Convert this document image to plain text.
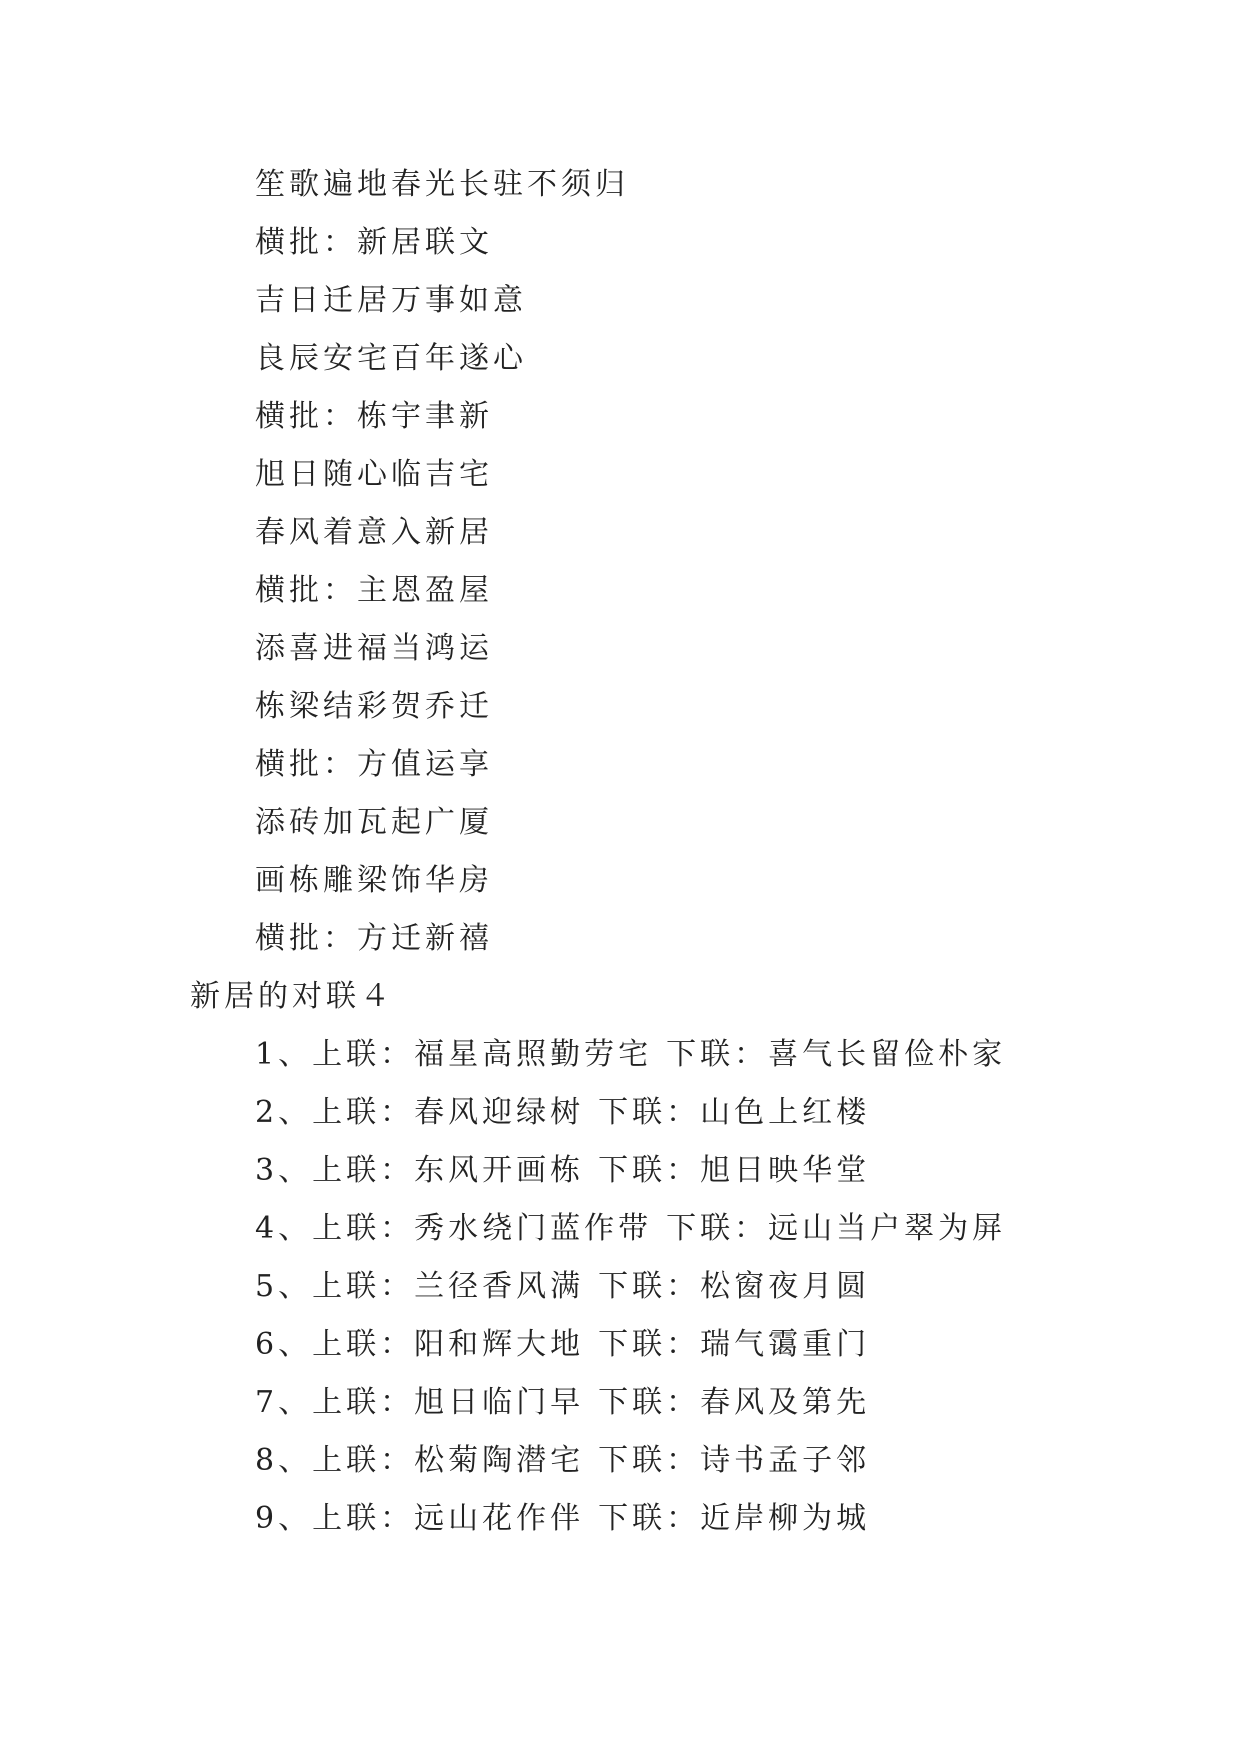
笙歌遍地春光长驻不须归
横批：新居联文
吉日迁居万事如意
良辰安宅百年遂心
横批：栋宇聿新
旭日随心临吉宅
春风着意入新居
横批：主恩盈屋
添喜进福当鸿运
栋梁结彩贺乔迁
横批：方值运享
添砖加瓦起广厦
画栋雕梁饰华房
横批：方迁新禧
新居的对联４
1、上联：福星高照勤劳宅 下联：喜气长留俭朴家
2、上联：春风迎绿树 下联：山色上红楼
3、上联：东风开画栋 下联：旭日映华堂
4、上联：秀水绕门蓝作带 下联：远山当户翠为屏
5、上联：兰径香风满 下联：松窗夜月圆
6、上联：阳和辉大地 下联：瑞气霭重门
7、上联：旭日临门早 下联：春风及第先
8、上联：松菊陶潜宅 下联：诗书孟子邻
9、上联：远山花作伴 下联：近岸柳为城
